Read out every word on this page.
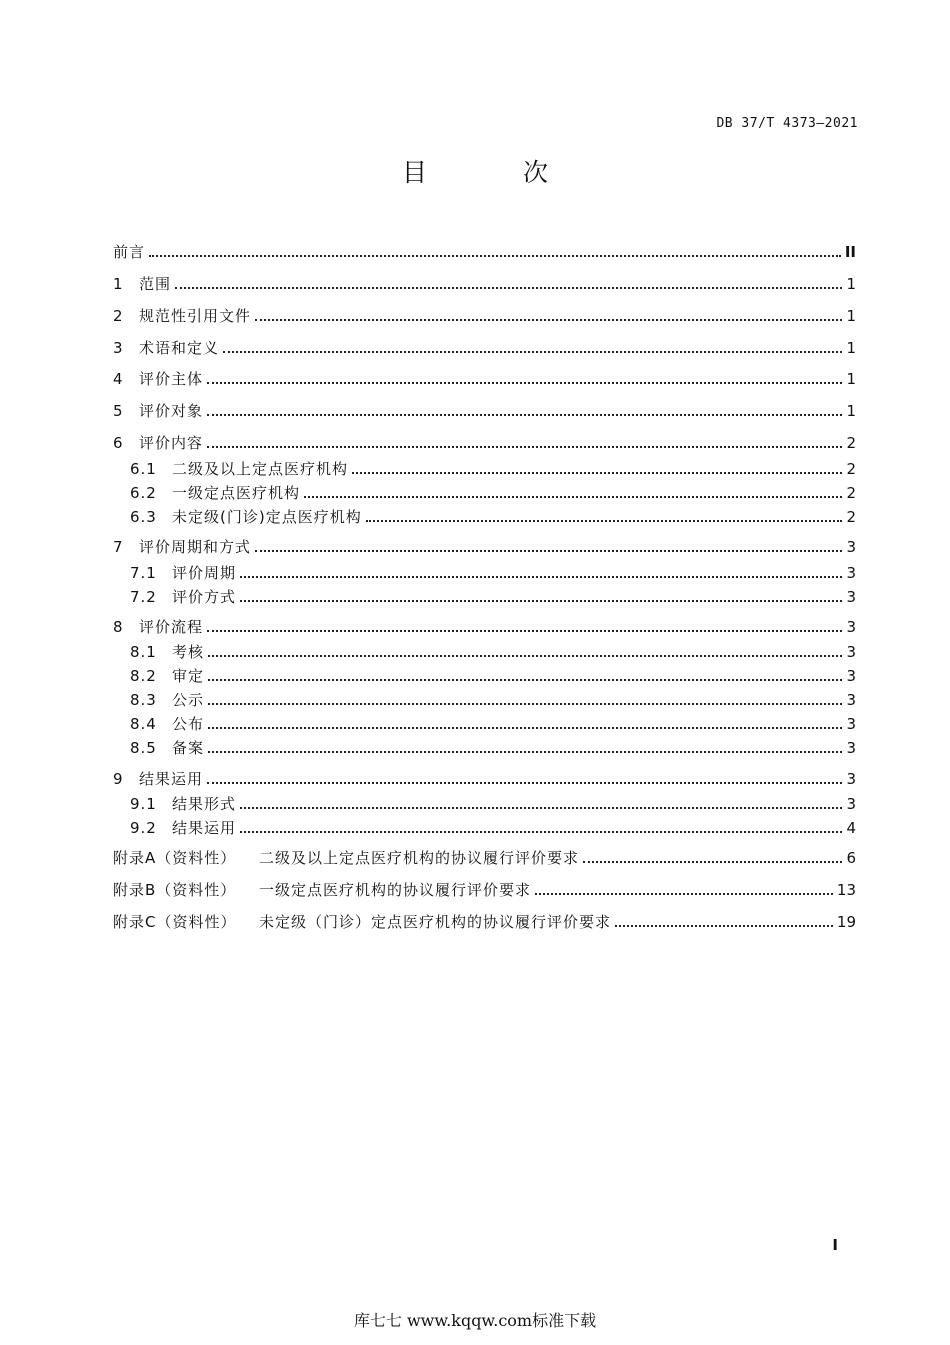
DB 37/T 4373—2021
目 次
前言	II
1	范围	1
2	规范性引用文件	1
3	术语和定义	1
4	评价主体	1
5	评价对象	1
6	评价内容	2
6.1	二级及以上定点医疗机构	2
6.2	一级定点医疗机构	2
6.3	未定级(门诊)定点医疗机构	2
7	评价周期和方式	3
7.1	评价周期	3
7.2	评价方式	3
8	评价流程	3
8.1	考核	3
8.2	审定	3
8.3	公示	3
8.4	公布	3
8.5	备案	3
9	结果运用	3
9.1	结果形式	3
9.2	结果运用	4
附录A（资料性）	二级及以上定点医疗机构的协议履行评价要求	6
附录B（资料性）	一级定点医疗机构的协议履行评价要求	13
附录C（资料性）	未定级（门诊）定点医疗机构的协议履行评价要求	19
I
库七七 www.kqqw.com标准下载
